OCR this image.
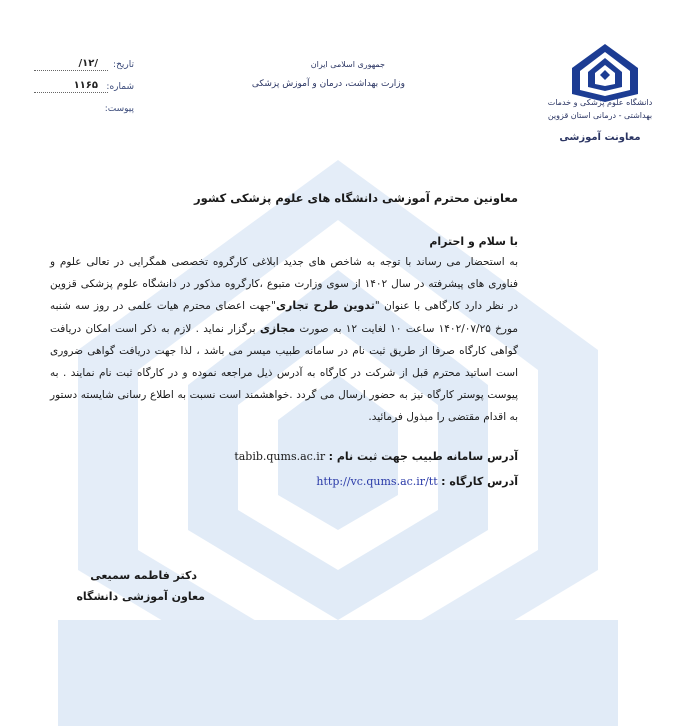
تاریخ:
/۱۲/
شماره:
۱۱۶۵
پیوست:
جمهوری اسلامی ایران
وزارت بهداشت، درمان و آموزش پزشکی
دانشگاه علوم پزشکی و خدمات بهداشتی - درمانی استان قزوین
معاونت آموزشی
معاونین محترم آموزشی دانشگاه های علوم پزشکی کشور
با سلام و احترام
به استحضار می رساند با توجه به شاخص های جدید ابلاغی کارگروه تخصصی همگرایی در تعالی علوم و فناوری های پیشرفته در سال ۱۴۰۲ از سوی وزارت متبوع ،کارگروه مذکور در دانشگاه علوم پزشکی قزوین در نظر دارد کارگاهی با عنوان "تدوین طرح تجاری"جهت اعضای محترم هیات علمی در روز سه شنبه مورخ ۱۴۰۲/۰۷/۲۵ ساعت ۱۰ لغایت ۱۲ به صورت مجازی برگزار نماید . لازم به ذکر است امکان دریافت گواهی کارگاه صرفا از طریق ثبت نام در سامانه طبیب میسر می باشد ، لذا جهت دریافت گواهی ضروری است اساتید محترم قبل از شرکت در کارگاه به آدرس ذیل مراجعه نموده و در کارگاه ثبت نام نمایند . به پیوست پوستر کارگاه نیز به حضور ارسال می گردد .خواهشمند است نسبت به اطلاع رسانی شایسته دستور به اقدام مقتضی را مبذول فرمائید.
آدرس سامانه طبیب جهت ثبت نام : tabib.qums.ac.ir
آدرس کارگاه : http://vc.qums.ac.ir/tt
دکتر فاطمه سمیعی
معاون آموزشی دانشگاه
